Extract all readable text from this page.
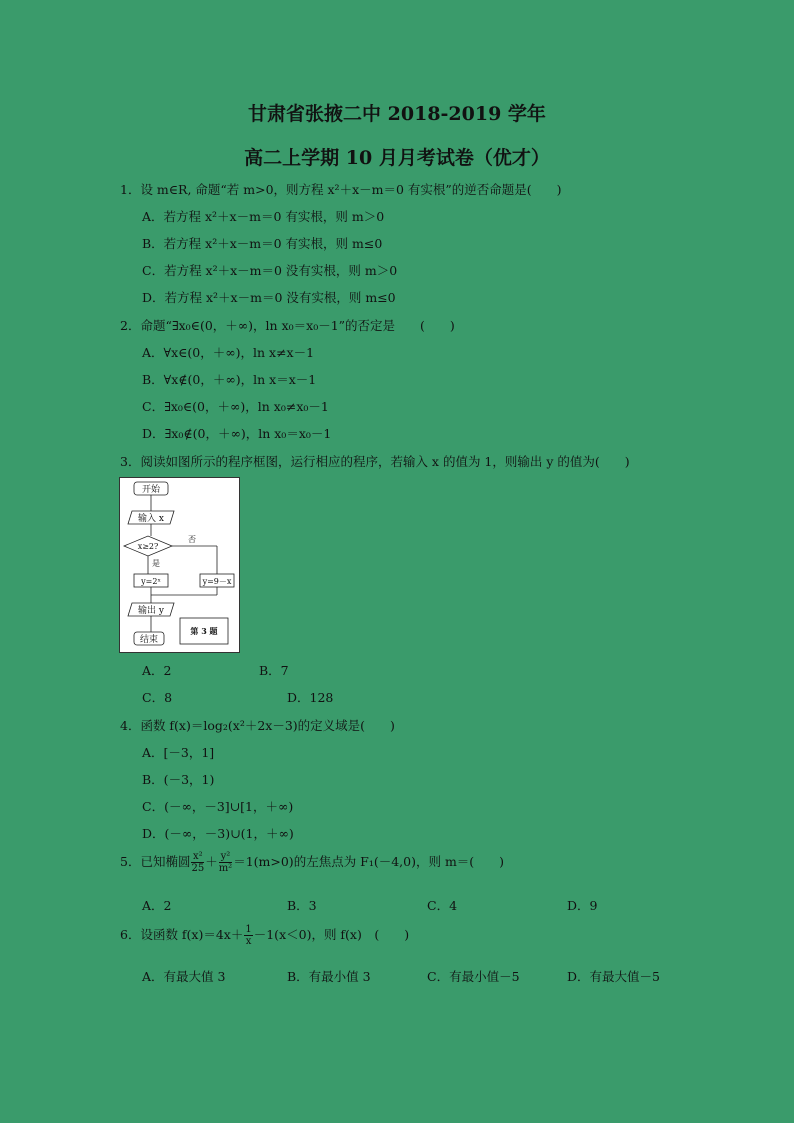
甘肃省张掖二中 2018-2019 学年
高二上学期 10 月月考试卷（优才）
1．设 m∈R, 命题“若 m>0，则方程 x²＋x－m＝0 有实根”的逆否命题是(　　)
A．若方程 x²＋x－m＝0 有实根，则 m＞0
B．若方程 x²＋x－m＝0 有实根，则 m≤0
C．若方程 x²＋x－m＝0 没有实根，则 m＞0
D．若方程 x²＋x－m＝0 没有实根，则 m≤0
2．命题“∃x₀∈(0，＋∞)，ln x₀＝x₀－1”的否定是　　(　　)
A．∀x∈(0，＋∞)，ln x≠x－1
B．∀x∉(0，＋∞)，ln x＝x－1
C．∃x₀∈(0，＋∞)，ln x₀≠x₀－1
D．∃x₀∉(0，＋∞)，ln x₀＝x₀－1
3．阅读如图所示的程序框图，运行相应的程序，若输入 x 的值为 1，则输出 y 的值为(　　)
开始
输入 x
x≥2?
否
是
y=2ˣ	y=9－x
输出 y
结束
第 3 题
A．2	B．7
C．8	D．128
4．函数 f(x)＝log₂(x²＋2x－3)的定义域是(　　)
A．[－3，1]
B．(－3，1)
C．(－∞，－3]∪[1，＋∞)
D．(－∞，－3)∪(1，＋∞)
5．已知椭圆 $\frac{\text{x²}}{25} + \frac{\text{y²}}{\text{m²}} =1(m>0)$的左焦点为 F₁(－4,0)，则 m＝(　　)
A．2	B．3	C．4	D．9
6．设函数 $f(x)=4x+ \frac{1}{x} -1(x<0)$，则 f(x)　(　　)
A．有最大值 3	B．有最小值 3	C．有最小值－5	D．有最大值－5
